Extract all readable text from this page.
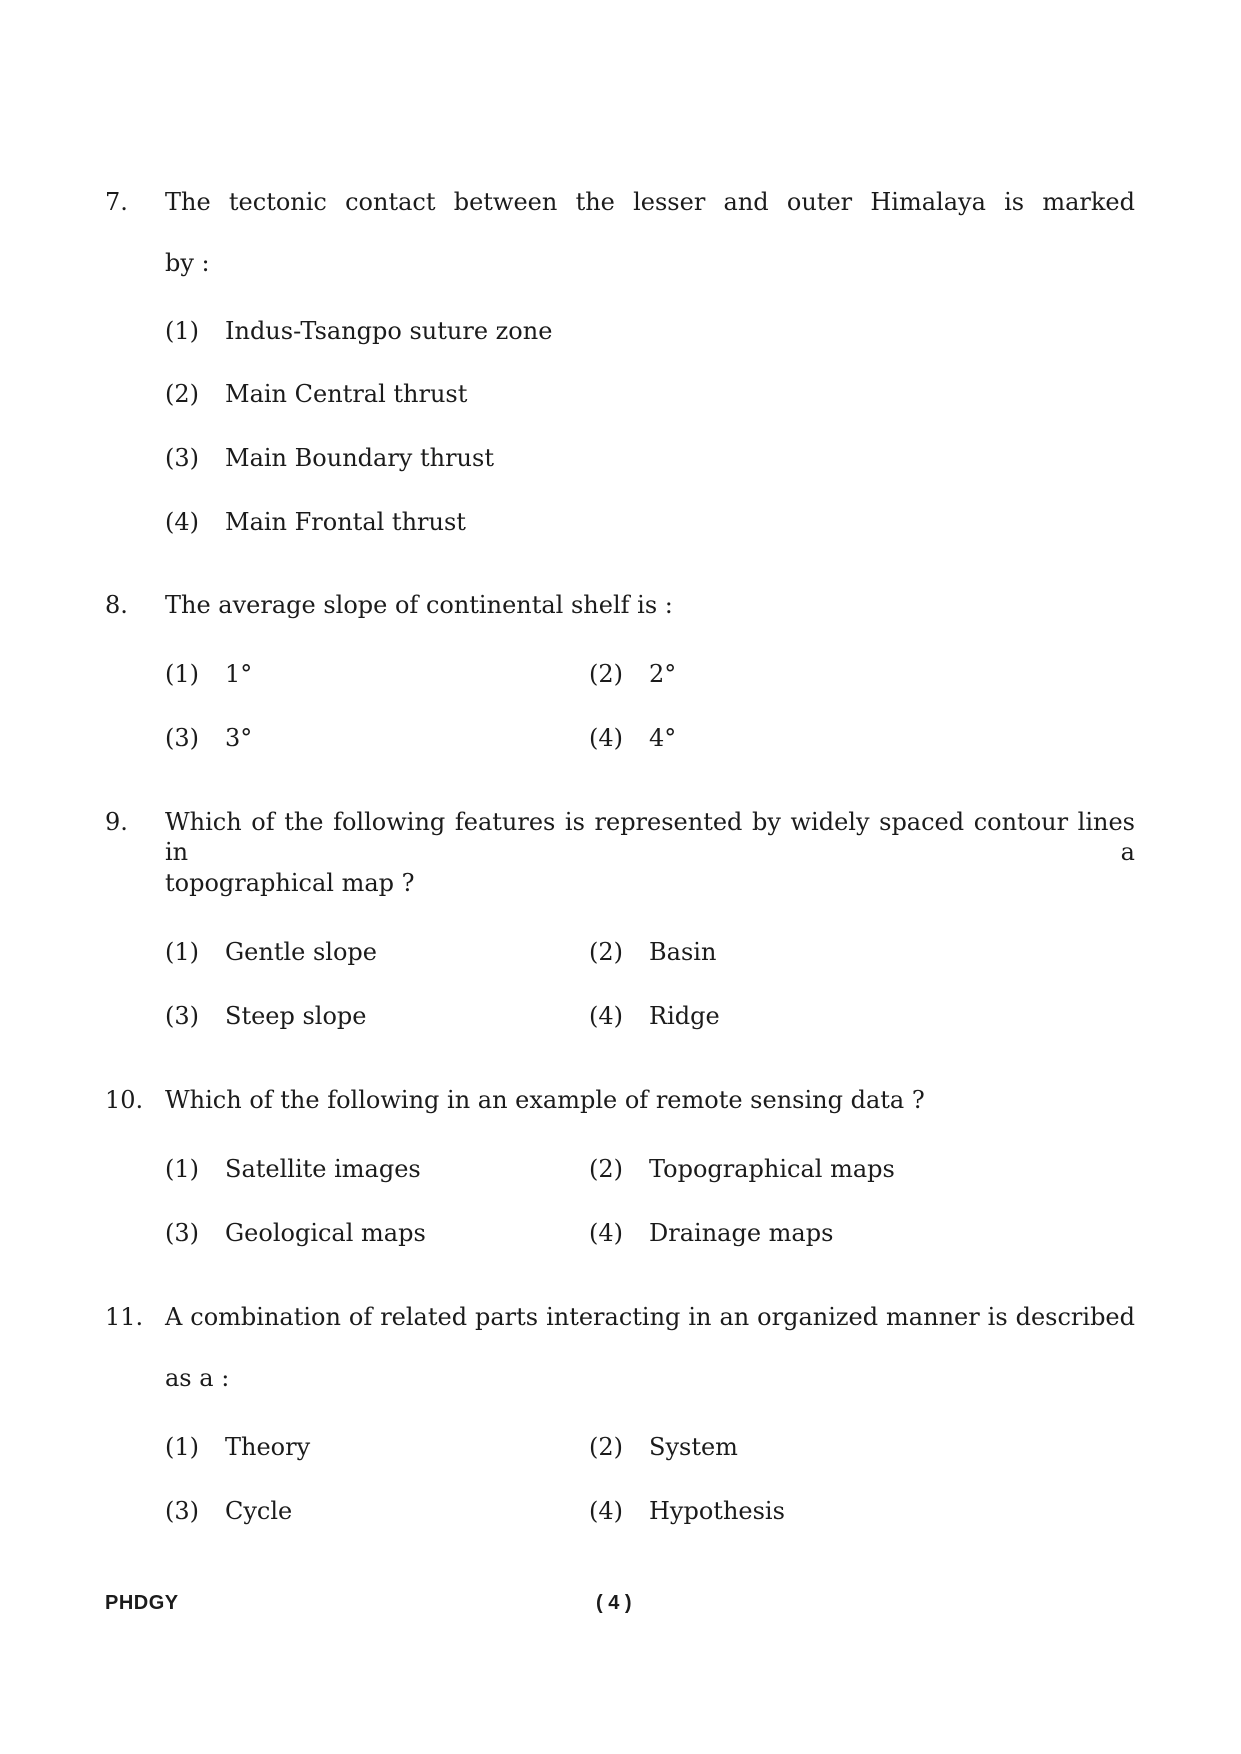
7. The tectonic contact between the lesser and outer Himalaya is marked
by :
(1) Indus-Tsangpo suture zone
(2) Main Central thrust
(3) Main Boundary thrust
(4) Main Frontal thrust
8. The average slope of continental shelf is :
(1) 1°	(2) 2°
(3) 3°	(4) 4°
9. Which of the following features is represented by widely spaced contour lines in a
topographical map ?
(1) Gentle slope	(2) Basin
(3) Steep slope	(4) Ridge
10. Which of the following in an example of remote sensing data ?
(1) Satellite images	(2) Topographical maps
(3) Geological maps	(4) Drainage maps
11. A combination of related parts interacting in an organized manner is described
as a :
(1) Theory	(2) System
(3) Cycle	(4) Hypothesis
PHDGY	( 4 )
